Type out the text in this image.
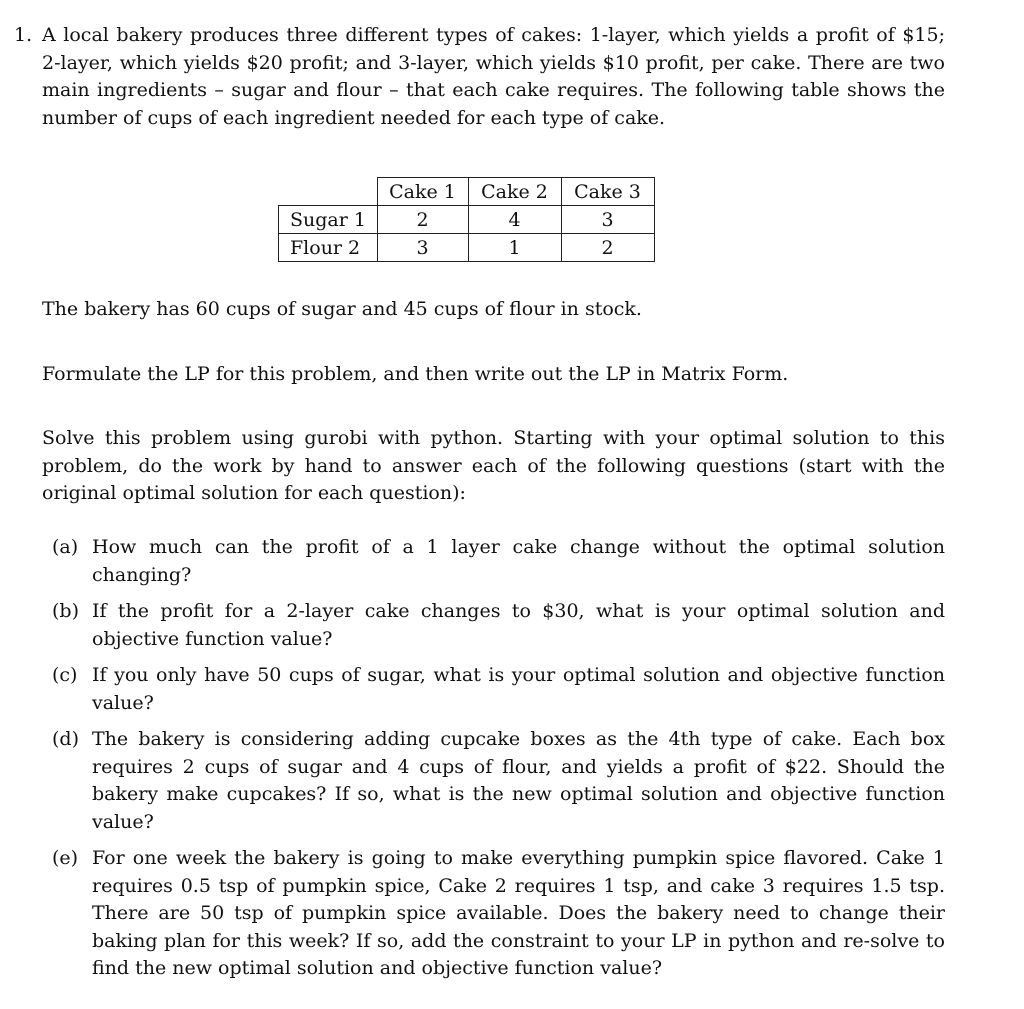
1. A local bakery produces three different types of cakes: 1-layer, which yields a profit of $15; 2-layer, which yields $20 profit; and 3-layer, which yields $10 profit, per cake. There are two main ingredients – sugar and flour – that each cake requires. The following table shows the number of cups of each ingredient needed for each type of cake.

	Cake 1	Cake 2	Cake 3
Sugar 1	2	4	3
Flour 2	3	1	2

The bakery has 60 cups of sugar and 45 cups of flour in stock.

Formulate the LP for this problem, and then write out the LP in Matrix Form.

Solve this problem using gurobi with python. Starting with your optimal solution to this problem, do the work by hand to answer each of the following questions (start with the original optimal solution for each question):

(a) How much can the profit of a 1 layer cake change without the optimal solution changing?
(b) If the profit for a 2-layer cake changes to $30, what is your optimal solution and objective function value?
(c) If you only have 50 cups of sugar, what is your optimal solution and objective function value?
(d) The bakery is considering adding cupcake boxes as the 4th type of cake. Each box requires 2 cups of sugar and 4 cups of flour, and yields a profit of $22. Should the bakery make cupcakes? If so, what is the new optimal solution and objective function value?
(e) For one week the bakery is going to make everything pumpkin spice flavored. Cake 1 requires 0.5 tsp of pumpkin spice, Cake 2 requires 1 tsp, and cake 3 requires 1.5 tsp. There are 50 tsp of pumpkin spice available. Does the bakery need to change their baking plan for this week? If so, add the constraint to your LP in python and re-solve to find the new optimal solution and objective function value?
